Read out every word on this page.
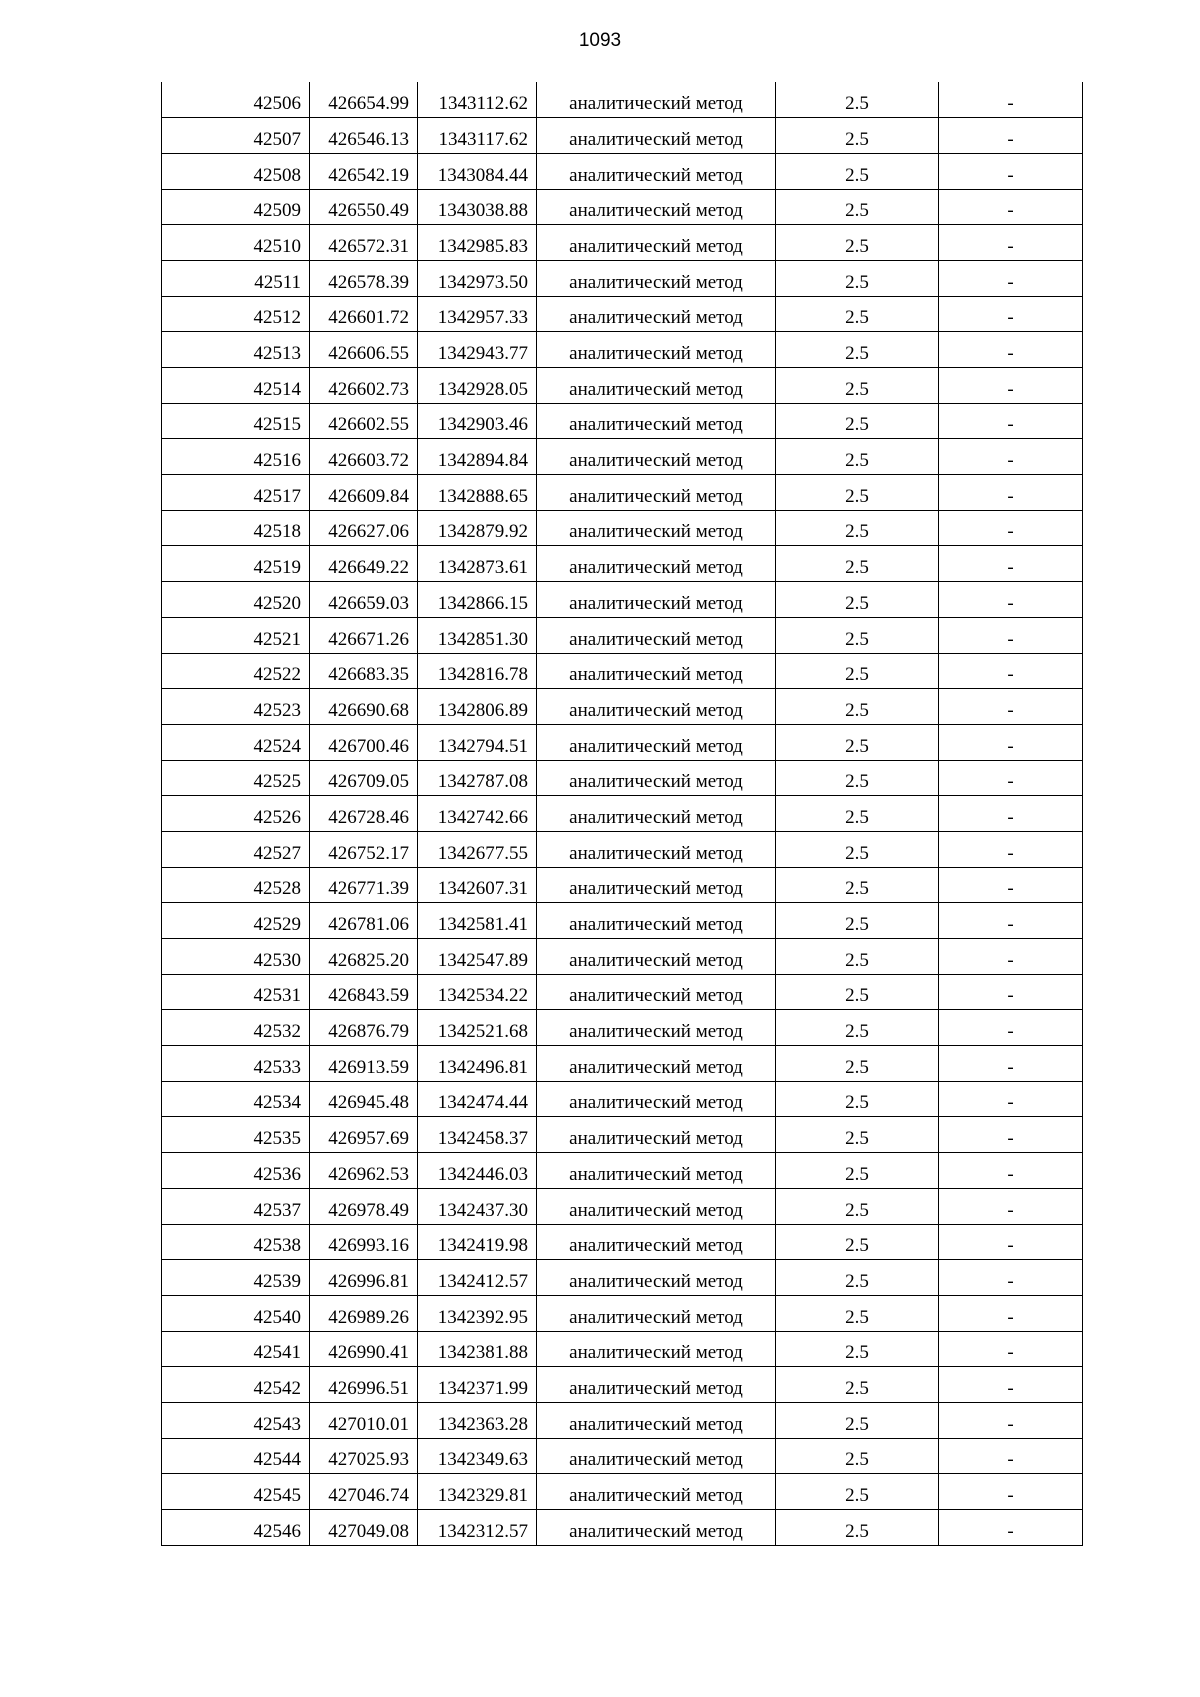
1093
42506	426654.99	1343112.62	аналитический метод	2.5	-
42507	426546.13	1343117.62	аналитический метод	2.5	-
42508	426542.19	1343084.44	аналитический метод	2.5	-
42509	426550.49	1343038.88	аналитический метод	2.5	-
42510	426572.31	1342985.83	аналитический метод	2.5	-
42511	426578.39	1342973.50	аналитический метод	2.5	-
42512	426601.72	1342957.33	аналитический метод	2.5	-
42513	426606.55	1342943.77	аналитический метод	2.5	-
42514	426602.73	1342928.05	аналитический метод	2.5	-
42515	426602.55	1342903.46	аналитический метод	2.5	-
42516	426603.72	1342894.84	аналитический метод	2.5	-
42517	426609.84	1342888.65	аналитический метод	2.5	-
42518	426627.06	1342879.92	аналитический метод	2.5	-
42519	426649.22	1342873.61	аналитический метод	2.5	-
42520	426659.03	1342866.15	аналитический метод	2.5	-
42521	426671.26	1342851.30	аналитический метод	2.5	-
42522	426683.35	1342816.78	аналитический метод	2.5	-
42523	426690.68	1342806.89	аналитический метод	2.5	-
42524	426700.46	1342794.51	аналитический метод	2.5	-
42525	426709.05	1342787.08	аналитический метод	2.5	-
42526	426728.46	1342742.66	аналитический метод	2.5	-
42527	426752.17	1342677.55	аналитический метод	2.5	-
42528	426771.39	1342607.31	аналитический метод	2.5	-
42529	426781.06	1342581.41	аналитический метод	2.5	-
42530	426825.20	1342547.89	аналитический метод	2.5	-
42531	426843.59	1342534.22	аналитический метод	2.5	-
42532	426876.79	1342521.68	аналитический метод	2.5	-
42533	426913.59	1342496.81	аналитический метод	2.5	-
42534	426945.48	1342474.44	аналитический метод	2.5	-
42535	426957.69	1342458.37	аналитический метод	2.5	-
42536	426962.53	1342446.03	аналитический метод	2.5	-
42537	426978.49	1342437.30	аналитический метод	2.5	-
42538	426993.16	1342419.98	аналитический метод	2.5	-
42539	426996.81	1342412.57	аналитический метод	2.5	-
42540	426989.26	1342392.95	аналитический метод	2.5	-
42541	426990.41	1342381.88	аналитический метод	2.5	-
42542	426996.51	1342371.99	аналитический метод	2.5	-
42543	427010.01	1342363.28	аналитический метод	2.5	-
42544	427025.93	1342349.63	аналитический метод	2.5	-
42545	427046.74	1342329.81	аналитический метод	2.5	-
42546	427049.08	1342312.57	аналитический метод	2.5	-
